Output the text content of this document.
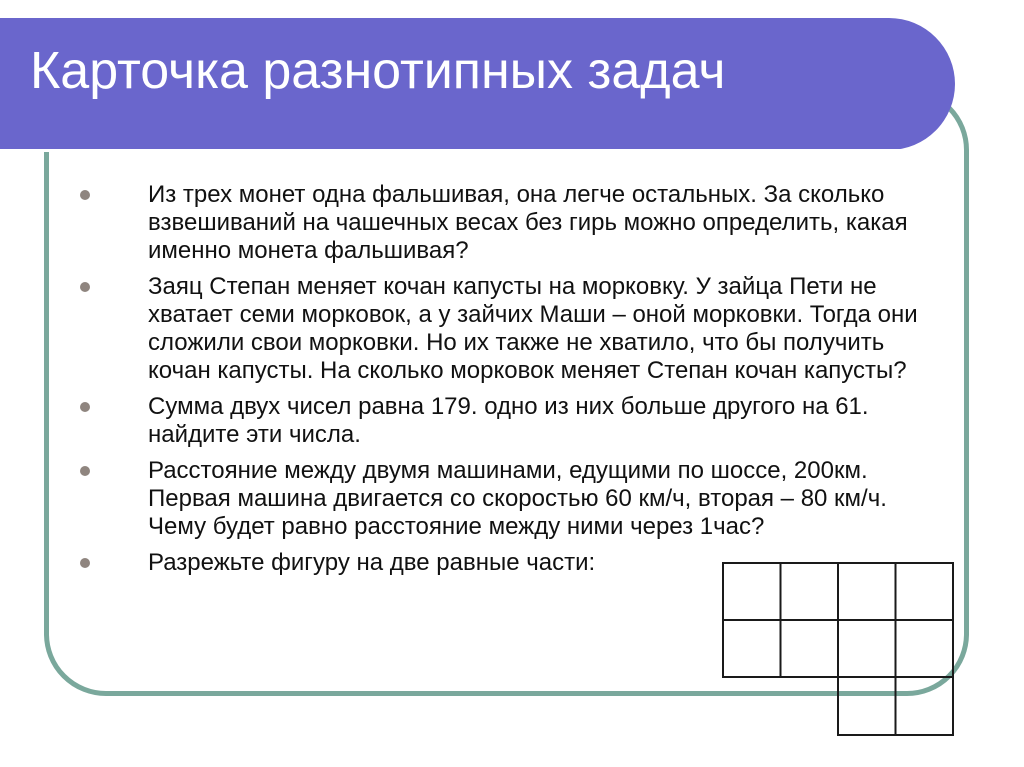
Карточка разнотипных задач
Из трех монет одна фальшивая, она легче остальных. За сколько взвешиваний на чашечных весах без гирь можно определить, какая именно монета фальшивая?
Заяц Степан меняет кочан капусты на морковку. У зайца Пети не хватает семи морковок, а у зайчих Маши – оной морковки. Тогда они сложили свои морковки. Но их также не хватило, что бы получить кочан капусты. На сколько морковок меняет Степан кочан капусты?
Сумма двух чисел равна 179. одно из них больше другого на 61. найдите эти числа.
Расстояние между двумя машинами, едущими по шоссе, 200км. Первая машина двигается со скоростью 60 км/ч, вторая – 80 км/ч. Чему будет равно расстояние между ними через 1час?
Разрежьте фигуру на две равные части:
